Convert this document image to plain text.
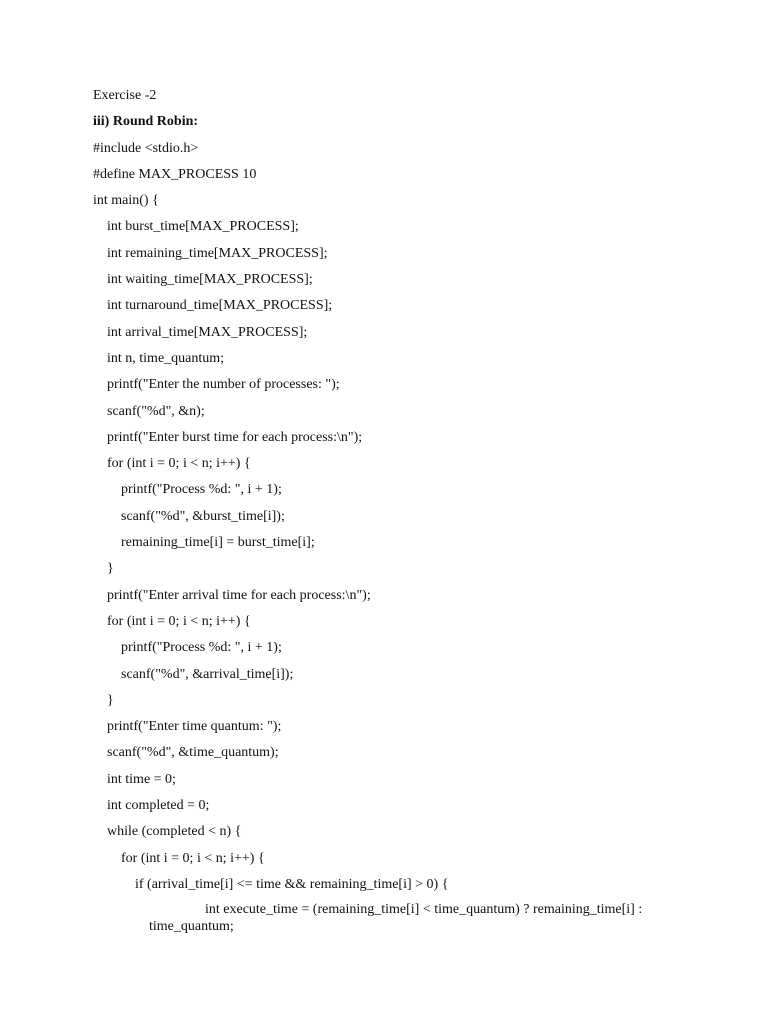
Exercise -2
iii) Round Robin:
#include <stdio.h>
#define MAX_PROCESS 10
int main() {
int burst_time[MAX_PROCESS];
int remaining_time[MAX_PROCESS];
int waiting_time[MAX_PROCESS];
int turnaround_time[MAX_PROCESS];
int arrival_time[MAX_PROCESS];
int n, time_quantum;
printf("Enter the number of processes: ");
scanf("%d", &n);
printf("Enter burst time for each process:\n");
for (int i = 0; i < n; i++) {
printf("Process %d: ", i + 1);
scanf("%d", &burst_time[i]);
remaining_time[i] = burst_time[i];
}
printf("Enter arrival time for each process:\n");
for (int i = 0; i < n; i++) {
printf("Process %d: ", i + 1);
scanf("%d", &arrival_time[i]);
}
printf("Enter time quantum: ");
scanf("%d", &time_quantum);
int time = 0;
int completed = 0;
while (completed < n) {
for (int i = 0; i < n; i++) {
if (arrival_time[i] <= time && remaining_time[i] > 0) {
int execute_time = (remaining_time[i] < time_quantum) ? remaining_time[i] : time_quantum;
